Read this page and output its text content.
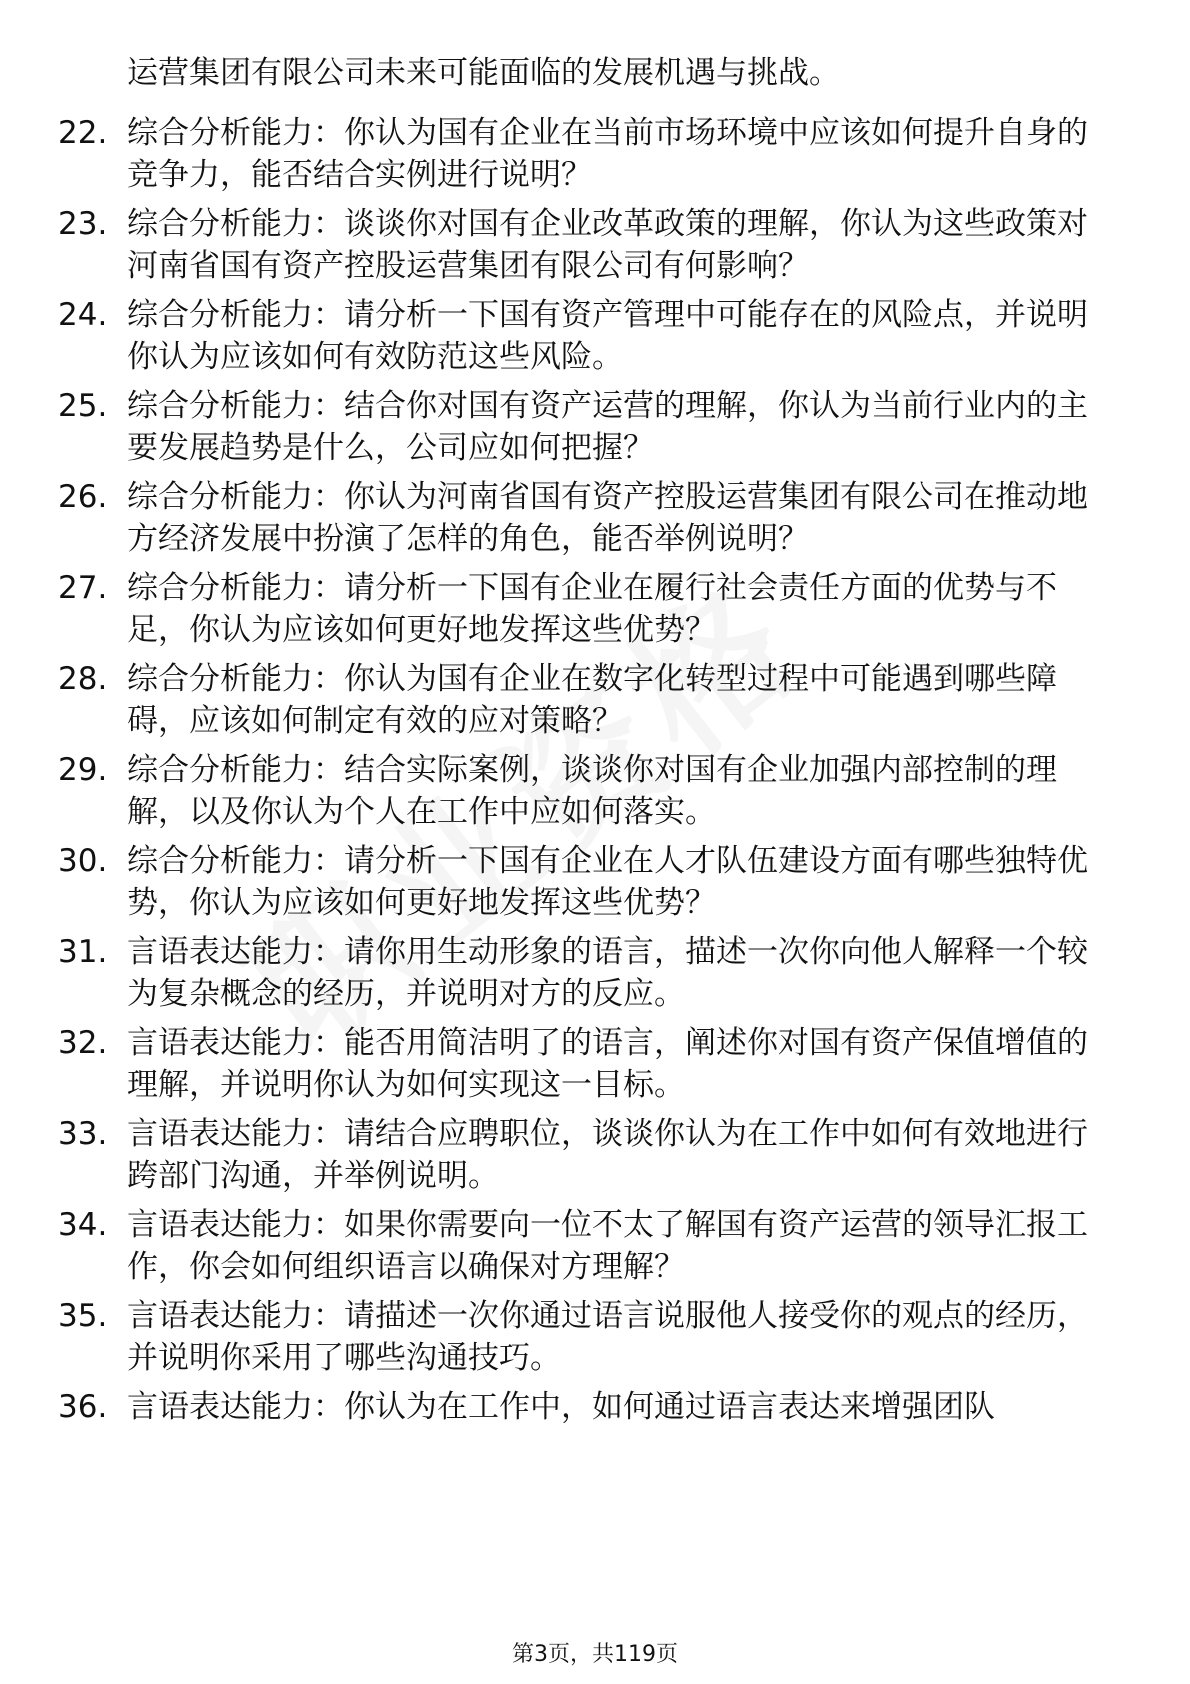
运营集团有限公司未来可能面临的发展机遇与挑战。

22. 综合分析能力：你认为国有企业在当前市场环境中应该如何提升自身的竞争力，能否结合实例进行说明？
23. 综合分析能力：谈谈你对国有企业改革政策的理解，你认为这些政策对河南省国有资产控股运营集团有限公司有何影响？
24. 综合分析能力：请分析一下国有资产管理中可能存在的风险点，并说明你认为应该如何有效防范这些风险。
25. 综合分析能力：结合你对国有资产运营的理解，你认为当前行业内的主要发展趋势是什么，公司应如何把握？
26. 综合分析能力：你认为河南省国有资产控股运营集团有限公司在推动地方经济发展中扮演了怎样的角色，能否举例说明？
27. 综合分析能力：请分析一下国有企业在履行社会责任方面的优势与不足，你认为应该如何更好地发挥这些优势？
28. 综合分析能力：你认为国有企业在数字化转型过程中可能遇到哪些障碍，应该如何制定有效的应对策略？
29. 综合分析能力：结合实际案例，谈谈你对国有企业加强内部控制的理解，以及你认为个人在工作中应如何落实。
30. 综合分析能力：请分析一下国有企业在人才队伍建设方面有哪些独特优势，你认为应该如何更好地发挥这些优势？
31. 言语表达能力：请你用生动形象的语言，描述一次你向他人解释一个较为复杂概念的经历，并说明对方的反应。
32. 言语表达能力：能否用简洁明了的语言，阐述你对国有资产保值增值的理解，并说明你认为如何实现这一目标。
33. 言语表达能力：请结合应聘职位，谈谈你认为在工作中如何有效地进行跨部门沟通，并举例说明。
34. 言语表达能力：如果你需要向一位不太了解国有资产运营的领导汇报工作，你会如何组织语言以确保对方理解？
35. 言语表达能力：请描述一次你通过语言说服他人接受你的观点的经历，并说明你采用了哪些沟通技巧。
36. 言语表达能力：你认为在工作中，如何通过语言表达来增强团队
第3页，共119页
